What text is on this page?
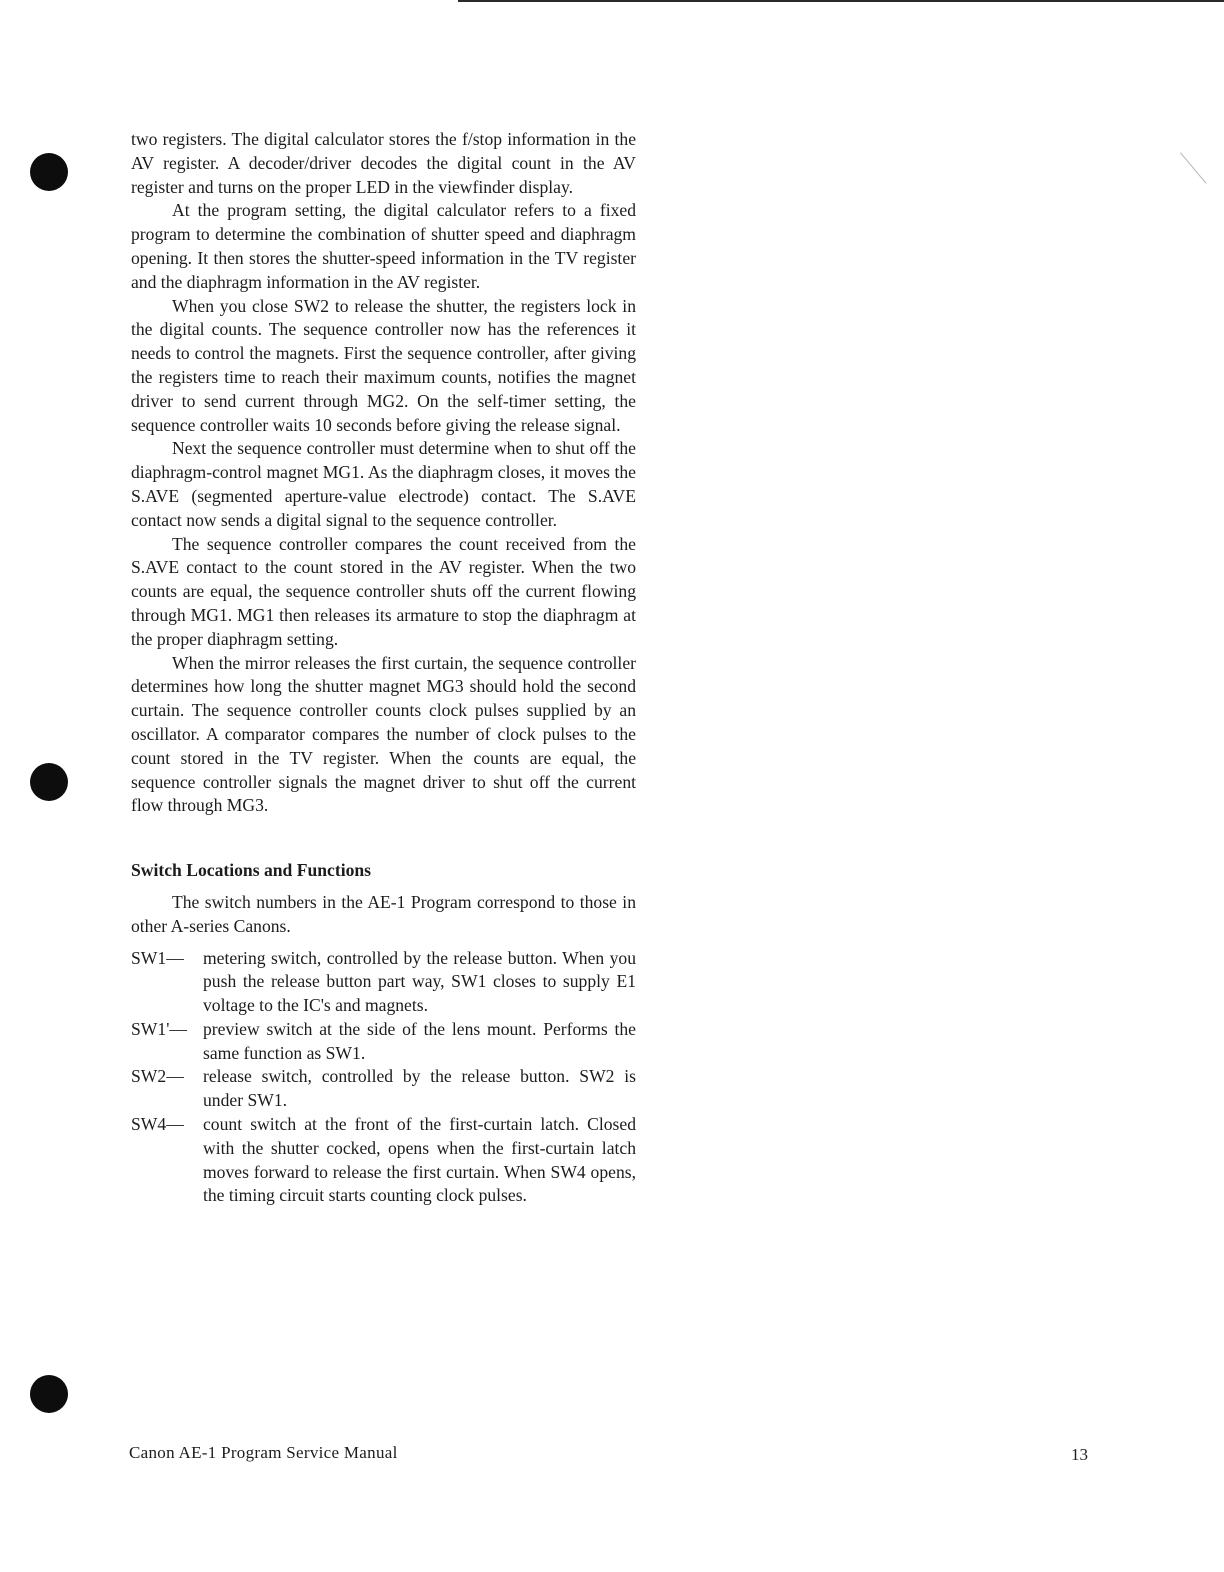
two registers. The digital calculator stores the f/stop information in the AV register. A decoder/driver decodes the digital count in the AV register and turns on the proper LED in the viewfinder display.

At the program setting, the digital calculator refers to a fixed program to determine the combination of shutter speed and diaphragm opening. It then stores the shutter-speed information in the TV register and the diaphragm information in the AV register.

When you close SW2 to release the shutter, the registers lock in the digital counts. The sequence controller now has the references it needs to control the magnets. First the sequence controller, after giving the registers time to reach their maximum counts, notifies the magnet driver to send current through MG2. On the self-timer setting, the sequence controller waits 10 seconds before giving the release signal.

Next the sequence controller must determine when to shut off the diaphragm-control magnet MG1. As the diaphragm closes, it moves the S.AVE (segmented aperture-value electrode) contact. The S.AVE contact now sends a digital signal to the sequence controller.

The sequence controller compares the count received from the S.AVE contact to the count stored in the AV register. When the two counts are equal, the sequence controller shuts off the current flowing through MG1. MG1 then releases its armature to stop the diaphragm at the proper diaphragm setting.

When the mirror releases the first curtain, the sequence controller determines how long the shutter magnet MG3 should hold the second curtain. The sequence controller counts clock pulses supplied by an oscillator. A comparator compares the number of clock pulses to the count stored in the TV register. When the counts are equal, the sequence controller signals the magnet driver to shut off the current flow through MG3.

Switch Locations and Functions

The switch numbers in the AE-1 Program correspond to those in other A-series Canons.

SW1—	metering switch, controlled by the release button. When you push the release button part way, SW1 closes to supply E1 voltage to the IC's and magnets.
SW1'— preview switch at the side of the lens mount. Performs the same function as SW1.
SW2—	release switch, controlled by the release button. SW2 is under SW1.
SW4—	count switch at the front of the first-curtain latch. Closed with the shutter cocked, opens when the first-curtain latch moves forward to release the first curtain. When SW4 opens, the timing circuit starts counting clock pulses.
Canon AE-1 Program Service Manual	13
